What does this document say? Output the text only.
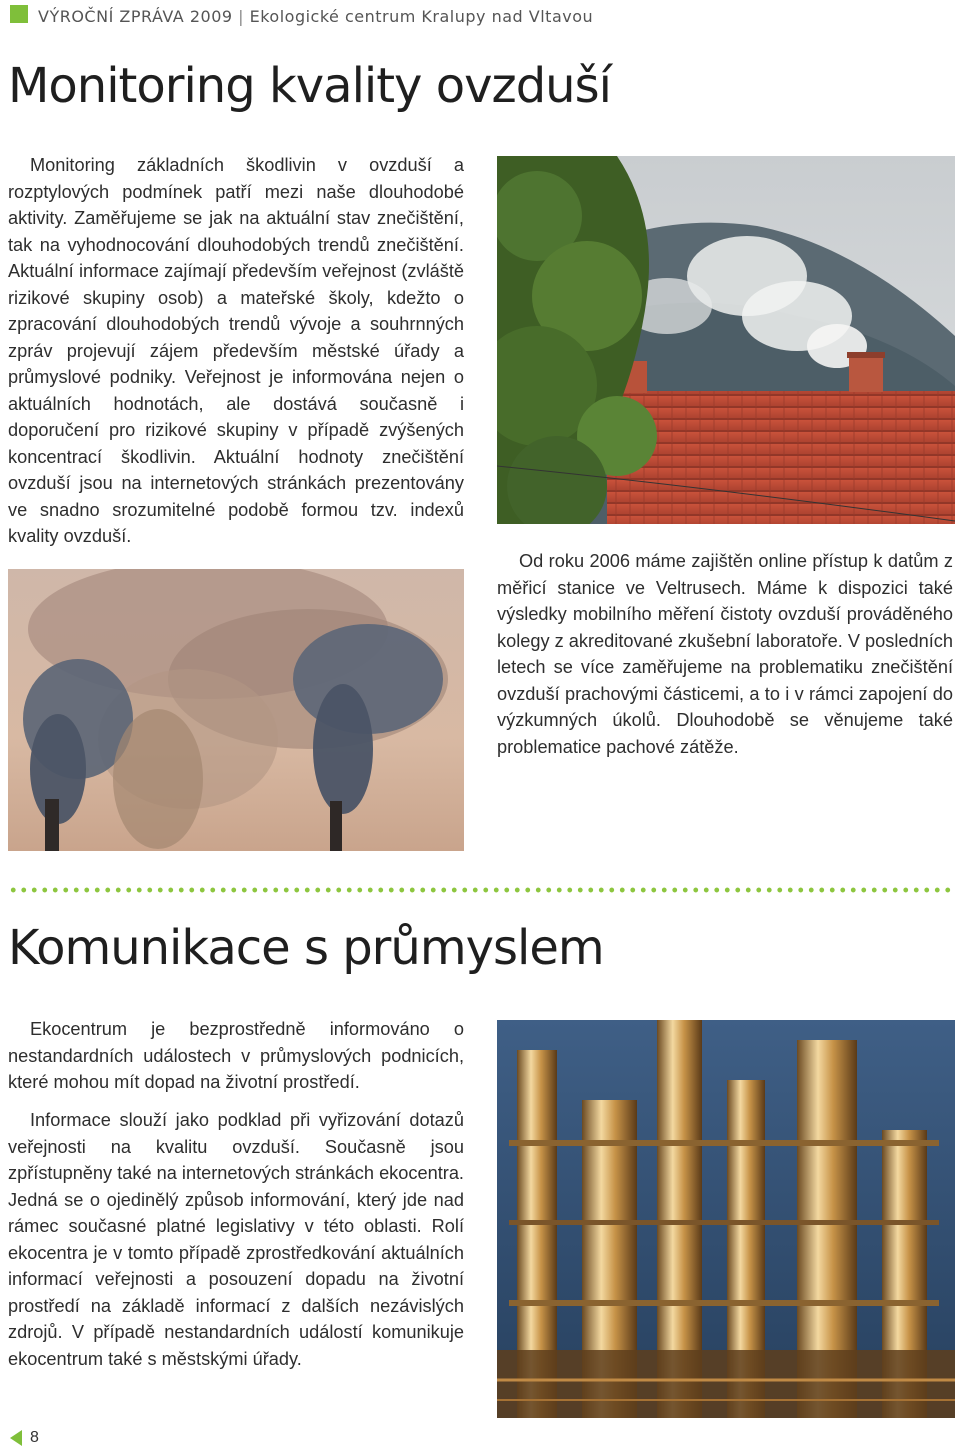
VÝROČNÍ ZPRÁVA 2009 | Ekologické centrum Kralupy nad Vltavou
Monitoring kvality ovzduší

Monitoring základních škodlivin v ovzduší a rozptylových podmínek patří mezi naše dlouhodobé aktivity. Zaměřujeme se jak na aktuální stav znečištění, tak na vyhodnocování dlouhodobých trendů znečištění. Aktuální informace zajímají především veřejnost (zvláště rizikové skupiny osob) a mateřské školy, kdežto o zpracování dlouhodobých trendů vývoje a souhrnných zpráv projevují zájem především městské úřady a průmyslové podniky. Veřejnost je informována nejen o aktuálních hodnotách, ale dostává současně i doporučení pro rizikové skupiny v případě zvýšených koncentrací škodlivin. Aktuální hodnoty znečištění ovzduší jsou na internetových stránkách prezentovány ve snadno srozumitelné podobě formou tzv. indexů kvality ovzduší.

Od roku 2006 máme zajištěn online přístup k datům z měřicí stanice ve Veltrusech. Máme k dispozici také výsledky mobilního měření čistoty ovzduší prováděného kolegy z akreditované zkušební laboratoře. V posledních letech se více zaměřujeme na problematiku znečištění ovzduší prachovými částicemi, a to i v rámci zapojení do výzkumných úkolů. Dlouhodobě se věnujeme také problematice pachové zátěže.

Komunikace s průmyslem

Ekocentrum je bezprostředně informováno o nestandardních událostech v průmyslových podnicích, které mohou mít dopad na životní prostředí.

Informace slouží jako podklad při vyřizování dotazů veřejnosti na kvalitu ovzduší. Současně jsou zpřístupněny také na internetových stránkách ekocentra. Jedná se o ojedinělý způsob informování, který jde nad rámec současné platné legislativy v této oblasti. Rolí ekocentra je v tomto případě zprostředkování aktuálních informací veřejnosti a posouzení dopadu na životní prostředí na základě informací z dalších nezávislých zdrojů. V případě nestandardních událostí komunikuje ekocentrum také s městskými úřady.

8
